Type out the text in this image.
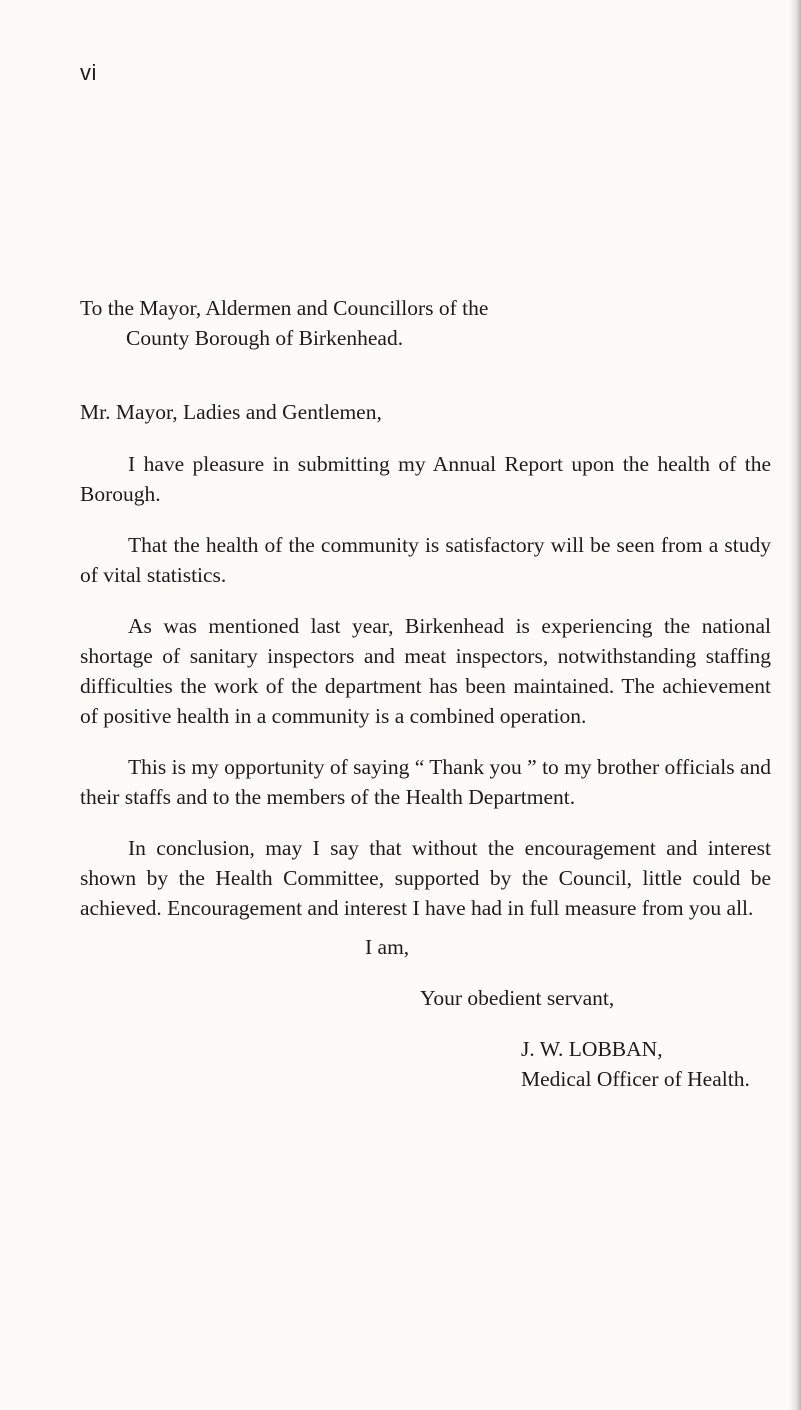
vi

To the Mayor, Aldermen and Councillors of the
County Borough of Birkenhead.

Mr. Mayor, Ladies and Gentlemen,

I have pleasure in submitting my Annual Report upon the health of the Borough.

That the health of the community is satisfactory will be seen from a study of vital statistics.

As was mentioned last year, Birkenhead is experiencing the national shortage of sanitary inspectors and meat inspectors, notwithstanding staffing difficulties the work of the department has been maintained. The achievement of positive health in a community is a combined operation.

This is my opportunity of saying “ Thank you ” to my brother officials and their staffs and to the members of the Health Department.

In conclusion, may I say that without the encouragement and interest shown by the Health Committee, supported by the Council, little could be achieved. Encouragement and interest I have had in full measure from you all.

I am,
Your obedient servant,
J. W. LOBBAN,
Medical Officer of Health.
